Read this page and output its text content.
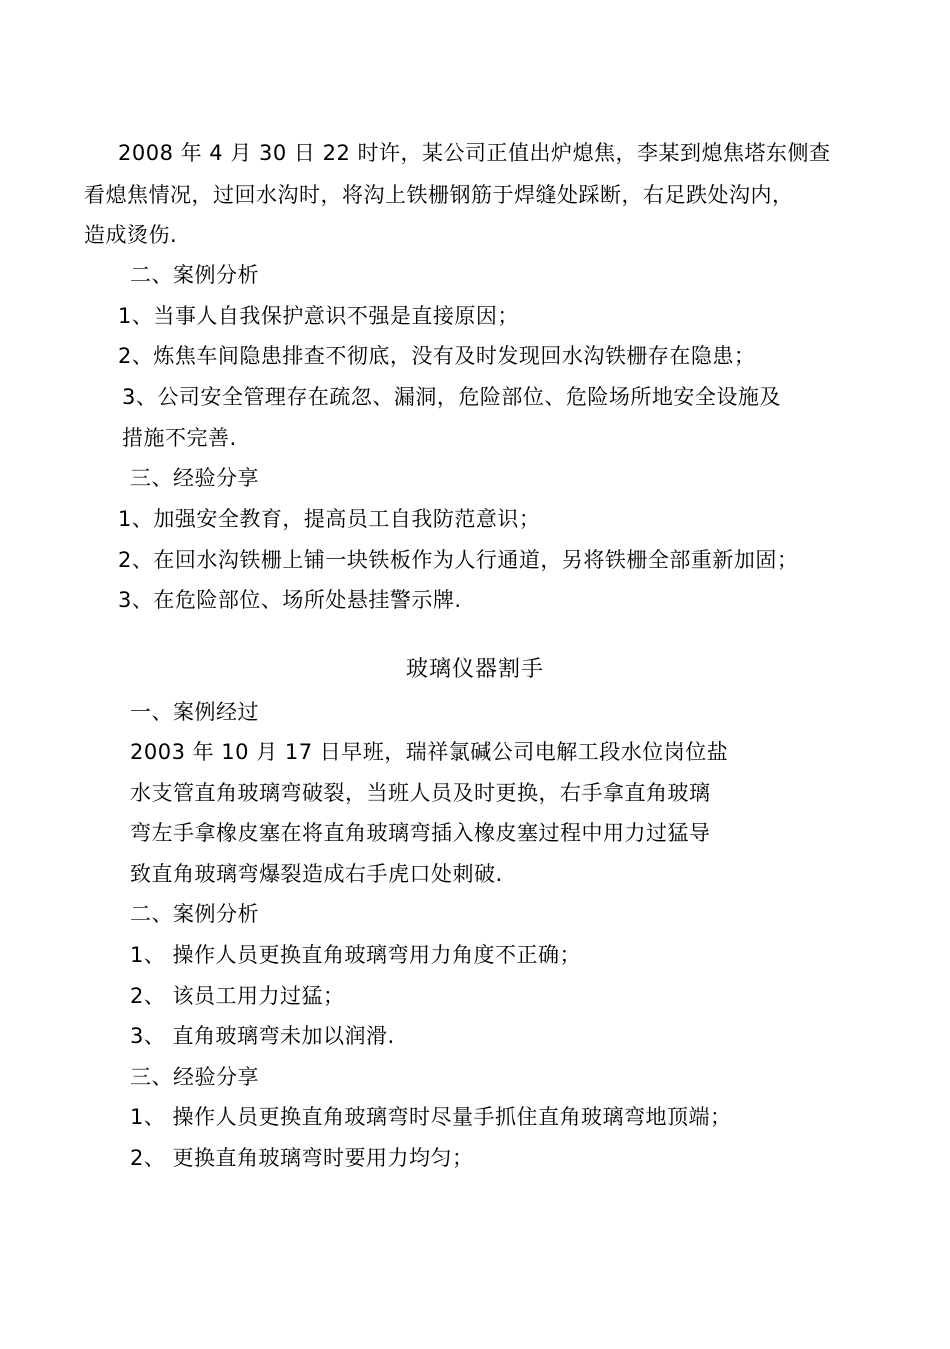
2008 年 4 月 30 日 22 时许，某公司正值出炉熄焦，李某到熄焦塔东侧查
看熄焦情况，过回水沟时，将沟上铁栅钢筋于焊缝处踩断，右足跌处沟内，
造成烫伤.
二、案例分析
1、当事人自我保护意识不强是直接原因；
2、炼焦车间隐患排查不彻底，没有及时发现回水沟铁栅存在隐患；
3、公司安全管理存在疏忽、漏洞，危险部位、危险场所地安全设施及
措施不完善.
三、经验分享
1、加强安全教育，提高员工自我防范意识；
2、在回水沟铁栅上铺一块铁板作为人行通道，另将铁栅全部重新加固；
3、在危险部位、场所处悬挂警示牌.
玻璃仪器割手
一、案例经过
2003 年 10 月 17 日早班，瑞祥氯碱公司电解工段水位岗位盐
水支管直角玻璃弯破裂，当班人员及时更换，右手拿直角玻璃
弯左手拿橡皮塞在将直角玻璃弯插入橡皮塞过程中用力过猛导
致直角玻璃弯爆裂造成右手虎口处刺破.
二、案例分析
1、 操作人员更换直角玻璃弯用力角度不正确；
2、 该员工用力过猛；
3、 直角玻璃弯未加以润滑.
三、经验分享
1、 操作人员更换直角玻璃弯时尽量手抓住直角玻璃弯地顶端；
2、 更换直角玻璃弯时要用力均匀；
